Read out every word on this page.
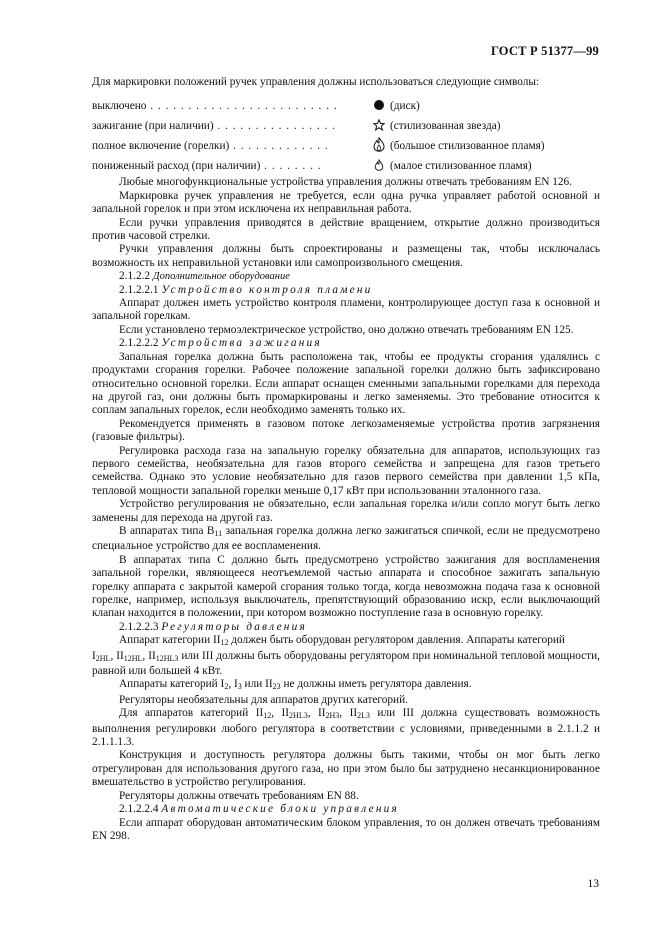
ГОСТ Р 51377—99

Для маркировки положений ручек управления должны использоваться следующие символы:

выключено . . . . . . . . . . . . . . . . . . . . . . . . .	(диск)
зажигание (при наличии) . . . . . . . . . . . . . . . .	(стилизованная звезда)
полное включение (горелки) . . . . . . . . . . . . .	(большое стилизованное пламя)
пониженный расход (при наличии) . . . . . . . .	(малое стилизованное пламя)

Любые многофункциональные устройства управления должны отвечать требованиям EN 126.

Маркировка ручек управления не требуется, если одна ручка управляет работой основной и запальной горелок и при этом исключена их неправильная работа.

Если ручки управления приводятся в действие вращением, открытие должно производиться против часовой стрелки.

Ручки управления должны быть спроектированы и размещены так, чтобы исключалась возможность их неправильной установки или самопроизвольного смещения.

2.1.2.2 Дополнительное оборудование

2.1.2.2.1 Устройство контроля пламени

Аппарат должен иметь устройство контроля пламени, контролирующее доступ газа к основной и запальной горелкам.

Если установлено термоэлектрическое устройство, оно должно отвечать требованиям EN 125.

2.1.2.2.2 Устройства зажигания

Запальная горелка должна быть расположена так, чтобы ее продукты сгорания удалялись с продуктами сгорания горелки. Рабочее положение запальной горелки должно быть зафиксировано относительно основной горелки. Если аппарат оснащен сменными запальными горелками для перехода на другой газ, они должны быть промаркированы и легко заменяемы. Это требование относится к соплам запальных горелок, если необходимо заменять только их.

Рекомендуется применять в газовом потоке легкозаменяемые устройства против загрязнения (газовые фильтры).

Регулировка расхода газа на запальную горелку обязательна для аппаратов, использующих газ первого семейства, необязательна для газов второго семейства и запрещена для газов третьего семейства. Однако это условие необязательно для газов первого семейства при давлении 1,5 кПа, тепловой мощности запальной горелки меньше 0,17 кВт при использовании эталонного газа.

Устройство регулирования не обязательно, если запальная горелка и/или сопло могут быть легко заменены для перехода на другой газ.

В аппаратах типа $B_{11}$ запальная горелка должна легко зажигаться спичкой, если не предусмотрено специальное устройство для ее воспламенения.

В аппаратах типа С должно быть предусмотрено устройство зажигания для воспламенения запальной горелки, являющееся неотъемлемой частью аппарата и способное зажигать запальную горелку аппарата с закрытой камерой сгорания только тогда, когда невозможна подача газа к основной горелке, например, используя выключатель, препятствующий образованию искр, если выключающий клапан находится в положении, при котором возможно поступление газа в основную горелку.

2.1.2.2.3 Регуляторы давления

Аппарат категории $II_{12}$ должен быть оборудован регулятором давления. Аппараты категорий

$I_{2HL}$, $II_{12HL}$, $II_{12HL3}$ или III должны быть оборудованы регулятором при номинальной тепловой мощности, равной или большей 4 кВт.

Аппараты категорий $I_2$, $I_3$ или $II_{23}$ не должны иметь регулятора давления.

Регуляторы необязательны для аппаратов других категорий.

Для аппаратов категорий $II_{12}$, $II_{2HL3}$, $II_{2H3}$, $II_{2L3}$ или III должна существовать возможность выполнения регулировки любого регулятора в соответствии с условиями, приведенными в 2.1.1.2 и 2.1.1.1.3.

Конструкция и доступность регулятора должны быть такими, чтобы он мог быть легко отрегулирован для использования другого газа, но при этом было бы затруднено несанкционированное вмешательство в устройство регулирования.

Регуляторы должны отвечать требованиям EN 88.

2.1.2.2.4 Автоматические блоки управления

Если аппарат оборудован автоматическим блоком управления, то он должен отвечать требованиям EN 298.

13
